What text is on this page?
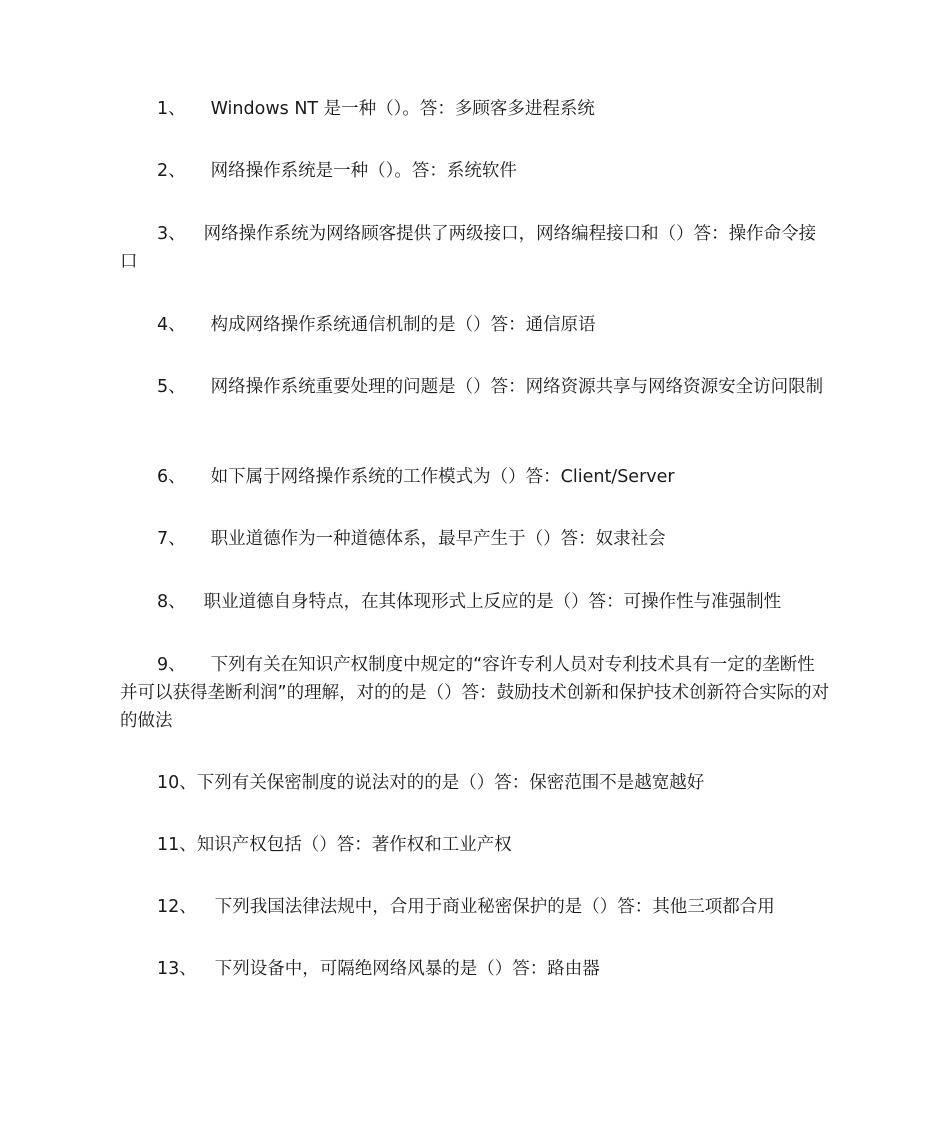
1、 Windows NT 是一种（）。答：多顾客多进程系统

2、 网络操作系统是一种（）。答：系统软件

3、 网络操作系统为网络顾客提供了两级接口，网络编程接口和（）答：操作命令接口

4、 构成网络操作系统通信机制的是（）答：通信原语

5、 网络操作系统重要处理的问题是（）答：网络资源共享与网络资源安全访问限制

6、 如下属于网络操作系统的工作模式为（）答：Client/Server

7、 职业道德作为一种道德体系，最早产生于（）答：奴隶社会

8、 职业道德自身特点，在其体现形式上反应的是（）答：可操作性与准强制性

9、 下列有关在知识产权制度中规定的“容许专利人员对专利技术具有一定的垄断性并可以获得垄断利润”的理解，对的的是（）答：鼓励技术创新和保护技术创新符合实际的对的做法

10、下列有关保密制度的说法对的的是（）答：保密范围不是越宽越好

11、知识产权包括（）答：著作权和工业产权

12、 下列我国法律法规中，合用于商业秘密保护的是（）答：其他三项都合用

13、 下列设备中，可隔绝网络风暴的是（）答：路由器
